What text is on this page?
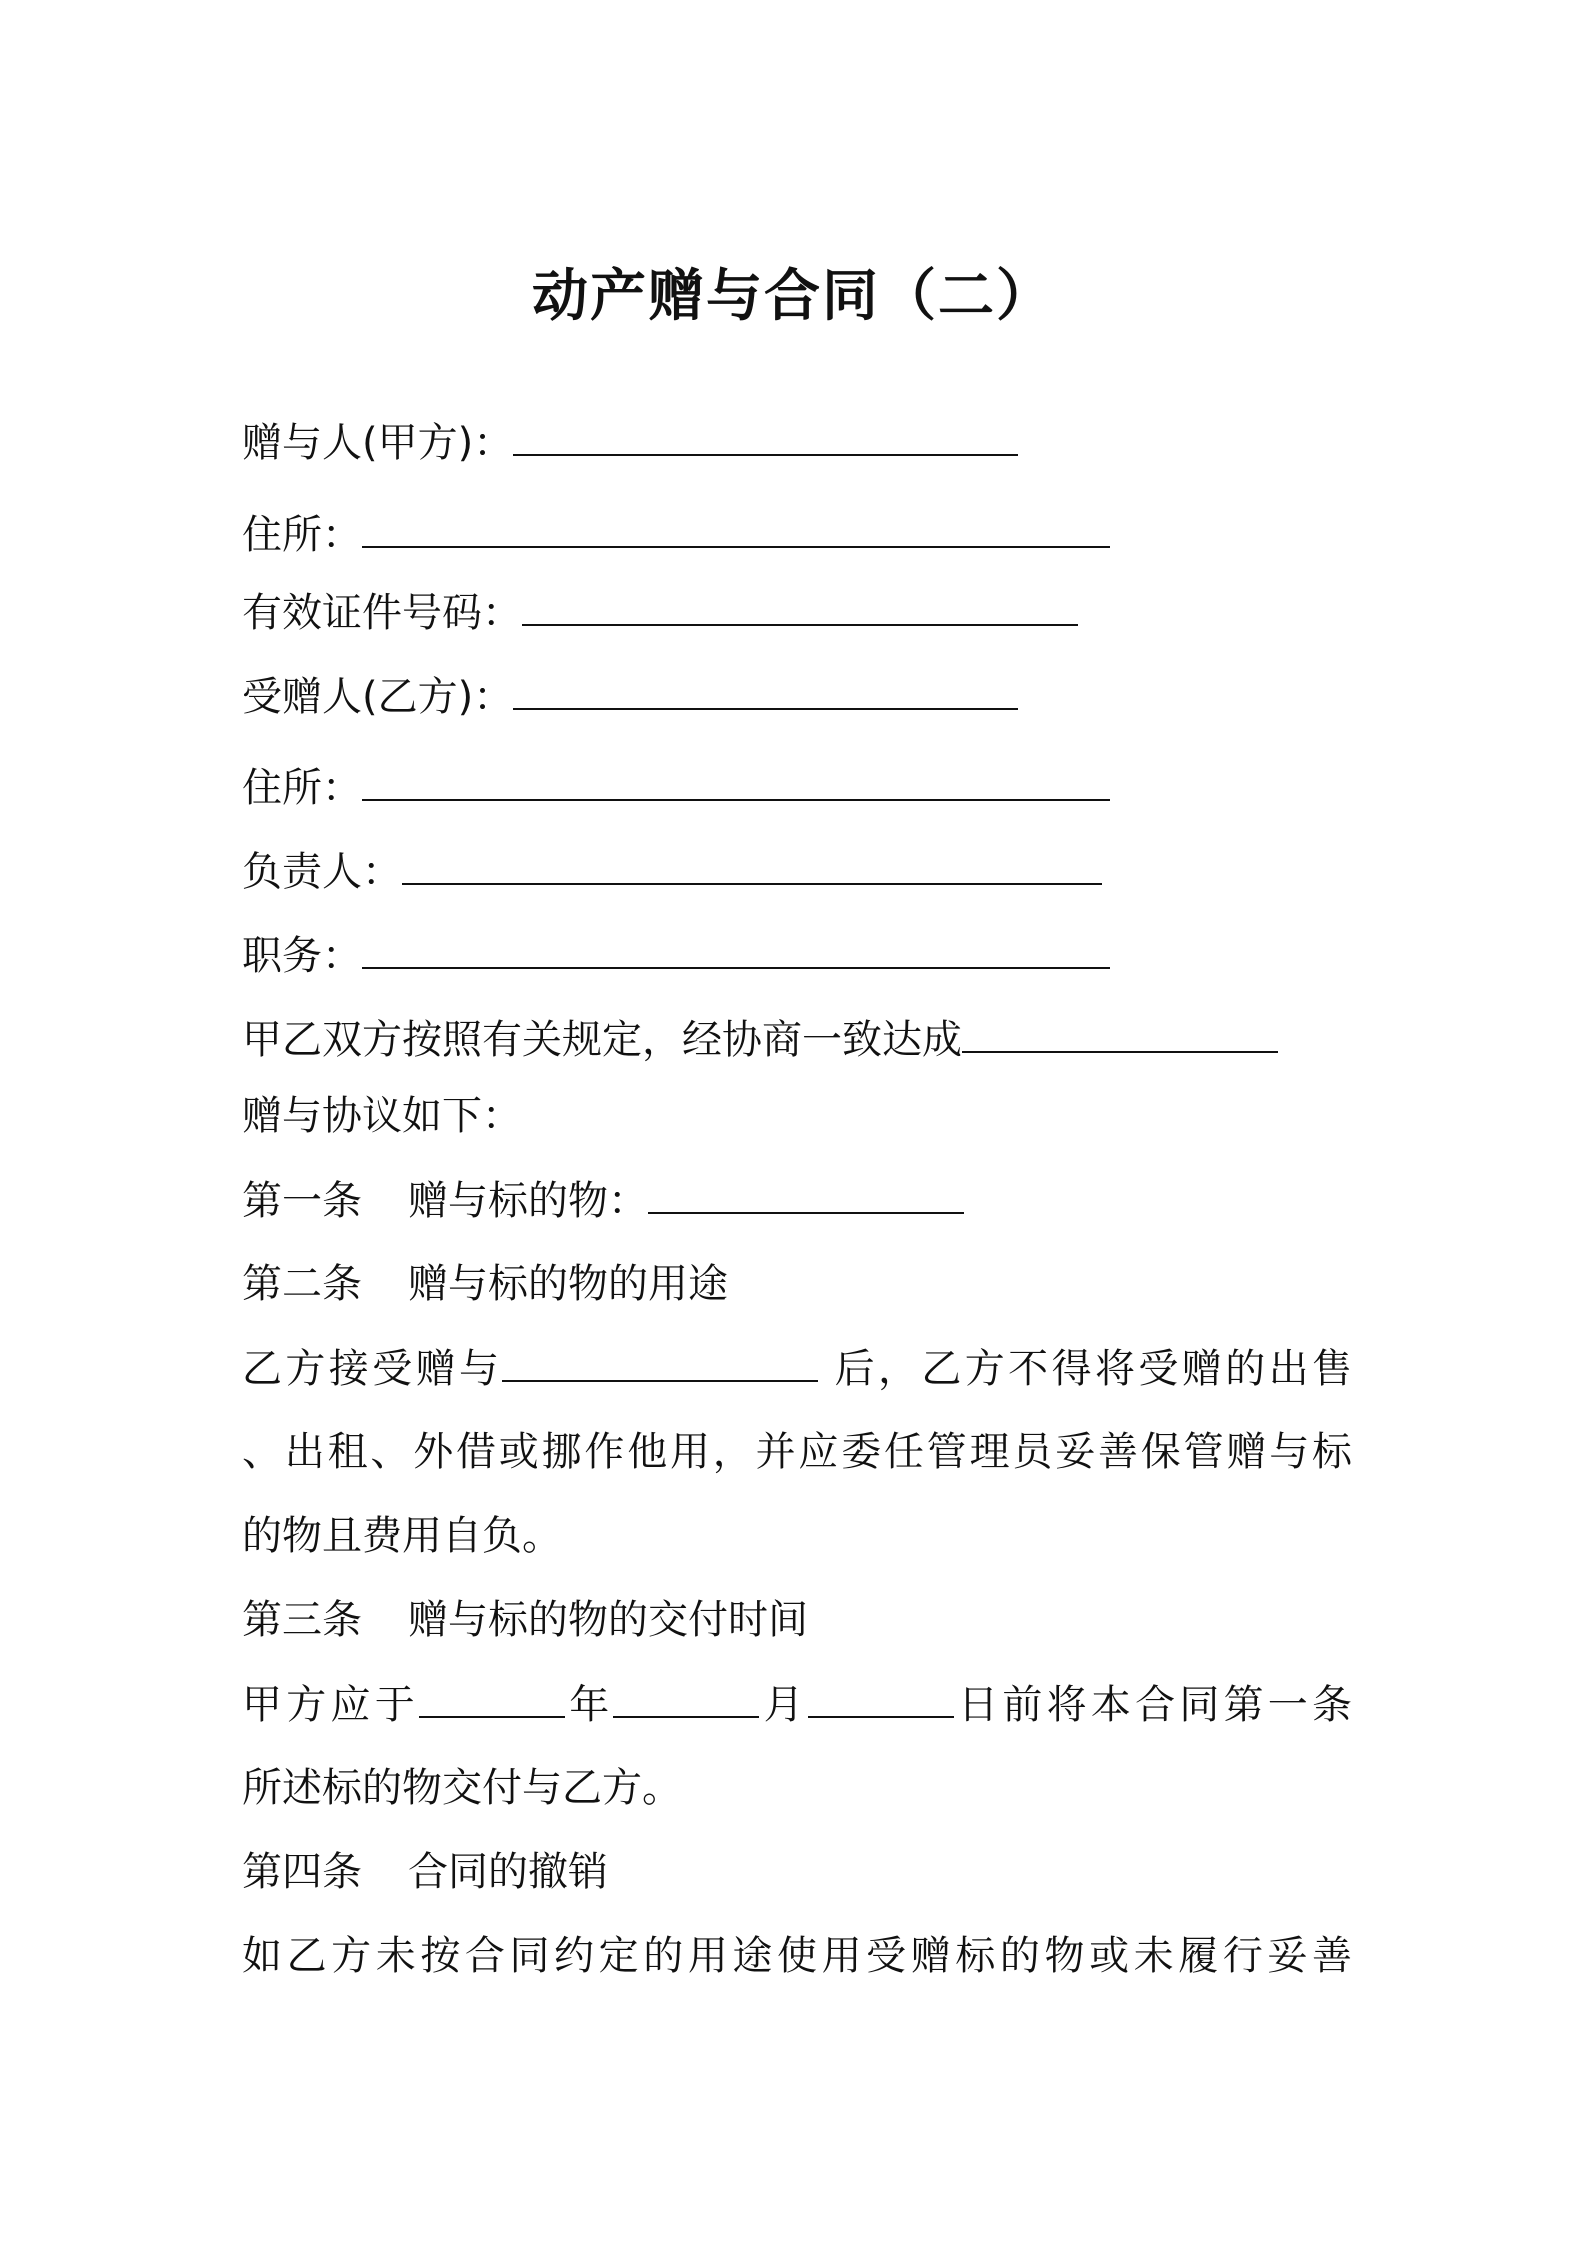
动产赠与合同（二）
赠与人(甲方)：
住所：
有效证件号码：
受赠人(乙方)：
住所：
负责人：
职务：
甲乙双方按照有关规定，经协商一致达成
赠与协议如下：
第一条 赠与标的物：
第二条 赠与标的物的用途
乙方接受赠与	后，乙方不得将受赠的出售
、出租、外借或挪作他用，并应委任管理员妥善保管赠与标
的物且费用自负。
第三条 赠与标的物的交付时间
甲方应于	年	月	日前将本合同第一条
所述标的物交付与乙方。
第四条 合同的撤销
如乙方未按合同约定的用途使用受赠标的物或未履行妥善
